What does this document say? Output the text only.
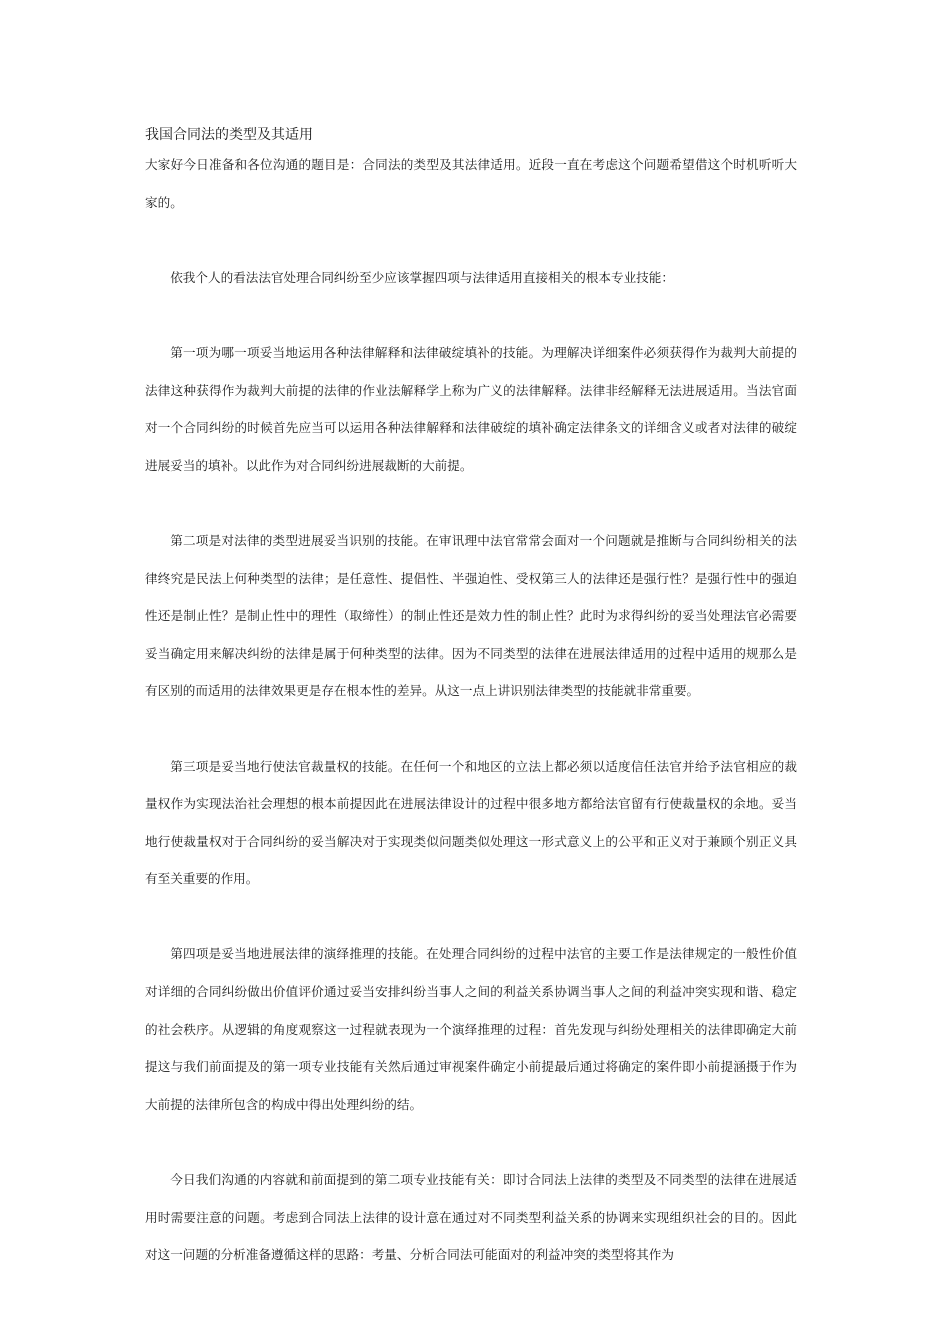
我国合同法的类型及其适用

大家好今日准备和各位沟通的题目是：合同法的类型及其法律适用。近段一直在考虑这个问题希望借这个时机听听大家的。

依我个人的看法法官处理合同纠纷至少应该掌握四项与法律适用直接相关的根本专业技能：

第一项为哪一项妥当地运用各种法律解释和法律破绽填补的技能。为理解决详细案件必须获得作为裁判大前提的法律这种获得作为裁判大前提的法律的作业法解释学上称为广义的法律解释。法律非经解释无法进展适用。当法官面对一个合同纠纷的时候首先应当可以运用各种法律解释和法律破绽的填补确定法律条文的详细含义或者对法律的破绽进展妥当的填补。以此作为对合同纠纷进展裁断的大前提。

第二项是对法律的类型进展妥当识别的技能。在审讯理中法官常常会面对一个问题就是推断与合同纠纷相关的法律终究是民法上何种类型的法律；是任意性、提倡性、半强迫性、受权第三人的法律还是强行性？是强行性中的强迫性还是制止性？是制止性中的理性（取缔性）的制止性还是效力性的制止性？此时为求得纠纷的妥当处理法官必需要妥当确定用来解决纠纷的法律是属于何种类型的法律。因为不同类型的法律在进展法律适用的过程中适用的规那么是有区别的而适用的法律效果更是存在根本性的差异。从这一点上讲识别法律类型的技能就非常重要。

第三项是妥当地行使法官裁量权的技能。在任何一个和地区的立法上都必须以适度信任法官并给予法官相应的裁量权作为实现法治社会理想的根本前提因此在进展法律设计的过程中很多地方都给法官留有行使裁量权的余地。妥当地行使裁量权对于合同纠纷的妥当解决对于实现类似问题类似处理这一形式意义上的公平和正义对于兼顾个别正义具有至关重要的作用。

第四项是妥当地进展法律的演绎推理的技能。在处理合同纠纷的过程中法官的主要工作是法律规定的一般性价值对详细的合同纠纷做出价值评价通过妥当安排纠纷当事人之间的利益关系协调当事人之间的利益冲突实现和谐、稳定的社会秩序。从逻辑的角度观察这一过程就表现为一个演绎推理的过程：首先发现与纠纷处理相关的法律即确定大前提这与我们前面提及的第一项专业技能有关然后通过审视案件确定小前提最后通过将确定的案件即小前提涵摄于作为大前提的法律所包含的构成中得出处理纠纷的结。

今日我们沟通的内容就和前面提到的第二项专业技能有关：即讨合同法上法律的类型及不同类型的法律在进展适用时需要注意的问题。考虑到合同法上法律的设计意在通过对不同类型利益关系的协调来实现组织社会的目的。因此对这一问题的分析准备遵循这样的思路：考量、分析合同法可能面对的利益冲突的类型将其作为
